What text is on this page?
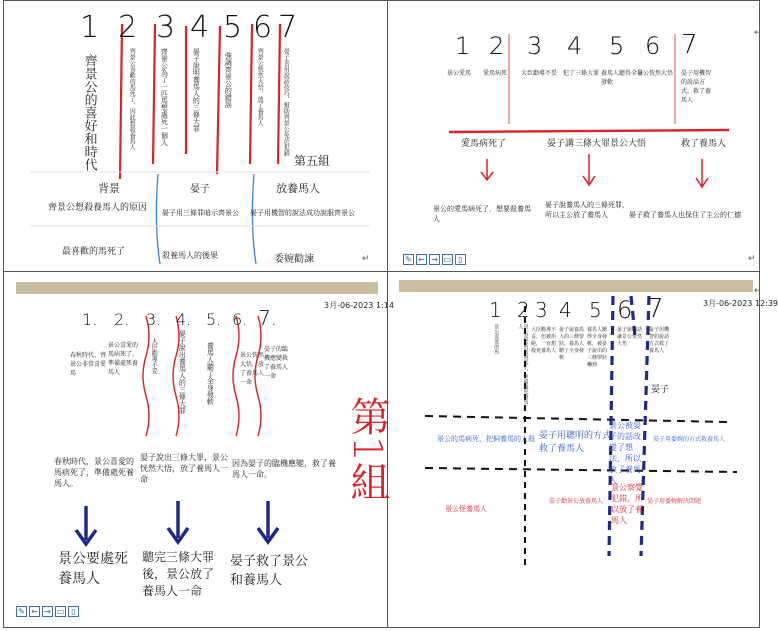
1 2 3 4 5 6 7
齊景公的喜好和時代	齊景公喜歡的馬死了，因此想殺養馬人	齊景公為了一匹馬想處死一個人	晏子說明養馬人的三條大罪	強調齊景公的錯誤	齊景公恍然大悟，放了養馬人	晏子善用說話技巧，幫助齊景公免於犯錯
第五組
背景	晏子	放養馬人
齊景公想殺養馬人的原因 晏子用三條罪暗示齊景公 晏子用機智的說法成功說服齊景公
最喜歡的馬死了	殺養馬人的後果	委婉勸諫	↵
1 2 3 4 5 6 7
景公愛馬 愛馬病死 大臣勸導不妥 犯了三條大罪 養馬人聽得全身發軟
景公恍然大悟 晏子用機智的說話方式，救了養馬人
愛馬病死了	晏子講三條大罪景公大悟	救了養馬人
景公的愛馬病死了，想要殺養馬人
晏子說養馬人的三條死罪，所以主公放了養馬人	晏子救了養馬人也保住了主公的仁德
✎ ← → ▭ ▯
↵
↵
3月-06-2023 1:14
1. 2. 3. 4. 5. 6. 7.
春秋時代，齊景公非常喜愛馬
景公喜愛的馬病死了，準備處死養馬人	大臣勸導不妥	晏子說出養馬人的三條大罪	養馬人聽了全身發軟	景公恍然大悟，放了養馬人一命
晏子的臨機應變救了養馬人一命
第1組
春秋時代，景公喜愛的馬病死了，準備處死養馬人。
晏子說出三條大罪，景公恍然大悟，放了養馬人一命
因為晏子的臨機應變，救了養馬人一命。
景公要處死養馬人
聽完三條大罪後，景公放了養馬人一命
晏子救了景公和養馬人
✎ ← → ▭ ▯
3月-06-2023 12:39
1 2 3 4 5 6 7
景公喜愛的馬	景公喜愛的馬病死了，準備處死養馬人
大臣勸導不妥，但被拒絕，一直想殺死養馬人
晏子說養馬人的三條罪狀，養馬人聽了全身發軟
養馬人聽得全身發軟，被晏子說出的三條罪狀嚇到
晏子說的話讓景公恍然大悟
晏子用機智的說話方式救了養馬人
晏子
景公的馬病死，把飼養馬的人殺 晏子用聰明的方式救了養馬人
景公被晏子的話改變了想法，所以放了養馬人
晏子用委婉的方式救養馬人
景公怪養馬人
晏子勸景公放養馬人
景公察覺犯錯，所以放了養馬人
晏子用委婉解決問題
↵
